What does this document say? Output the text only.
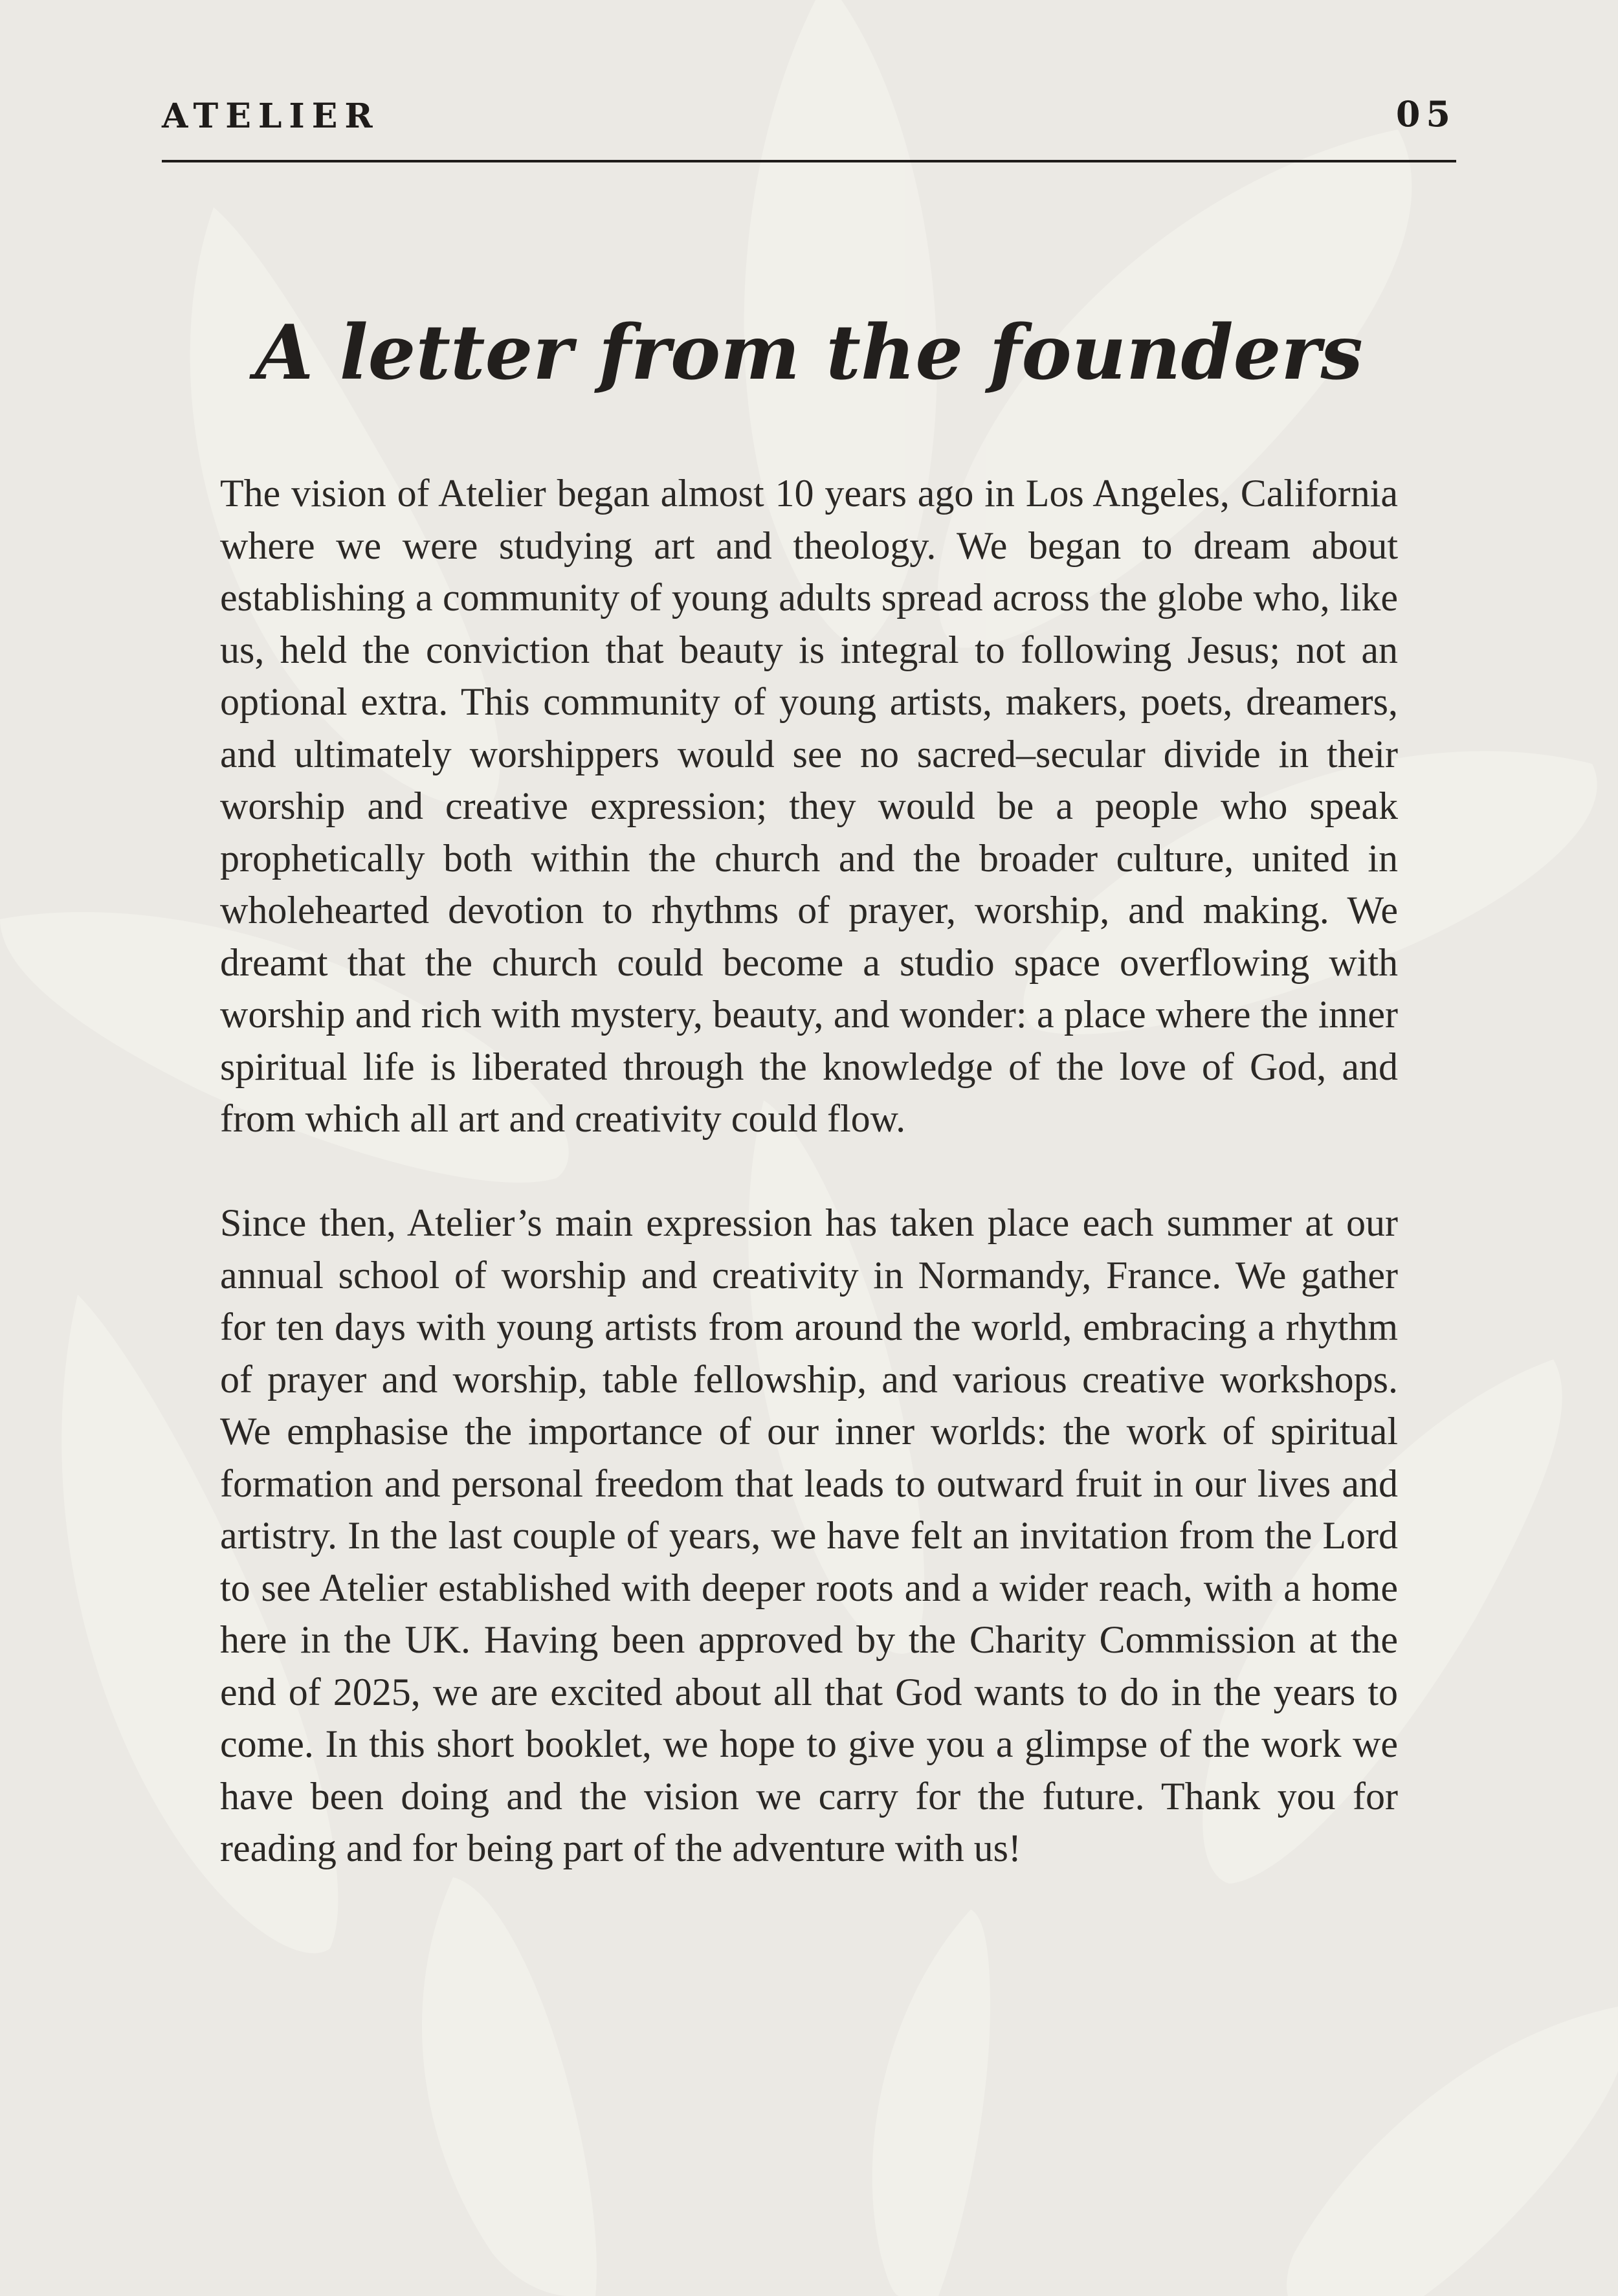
ATELIER	05
A letter from the founders

The vision of Atelier began almost 10 years ago in Los Angeles, California where we were studying art and theology. We began to dream about establishing a community of young adults spread across the globe who, like us, held the conviction that beauty is integral to following Jesus; not an optional extra. This community of young artists, makers, poets, dreamers, and ultimately worshippers would see no sacred–secular divide in their worship and creative expression; they would be a people who speak prophetically both within the church and the broader culture, united in wholehearted devotion to rhythms of prayer, worship, and making. We dreamt that the church could become a studio space overflowing with worship and rich with mystery, beauty, and wonder: a place where the inner spiritual life is liberated through the knowledge of the love of God, and from which all art and creativity could flow.

Since then, Atelier’s main expression has taken place each summer at our annual school of worship and creativity in Normandy, France. We gather for ten days with young artists from around the world, embracing a rhythm of prayer and worship, table fellowship, and various creative workshops. We emphasise the importance of our inner worlds: the work of spiritual formation and personal freedom that leads to outward fruit in our lives and artistry. In the last couple of years, we have felt an invitation from the Lord to see Atelier established with deeper roots and a wider reach, with a home here in the UK. Having been approved by the Charity Commission at the end of 2025, we are excited about all that God wants to do in the years to come. In this short booklet, we hope to give you a glimpse of the work we have been doing and the vision we carry for the future. Thank you for reading and for being part of the adventure with us!
